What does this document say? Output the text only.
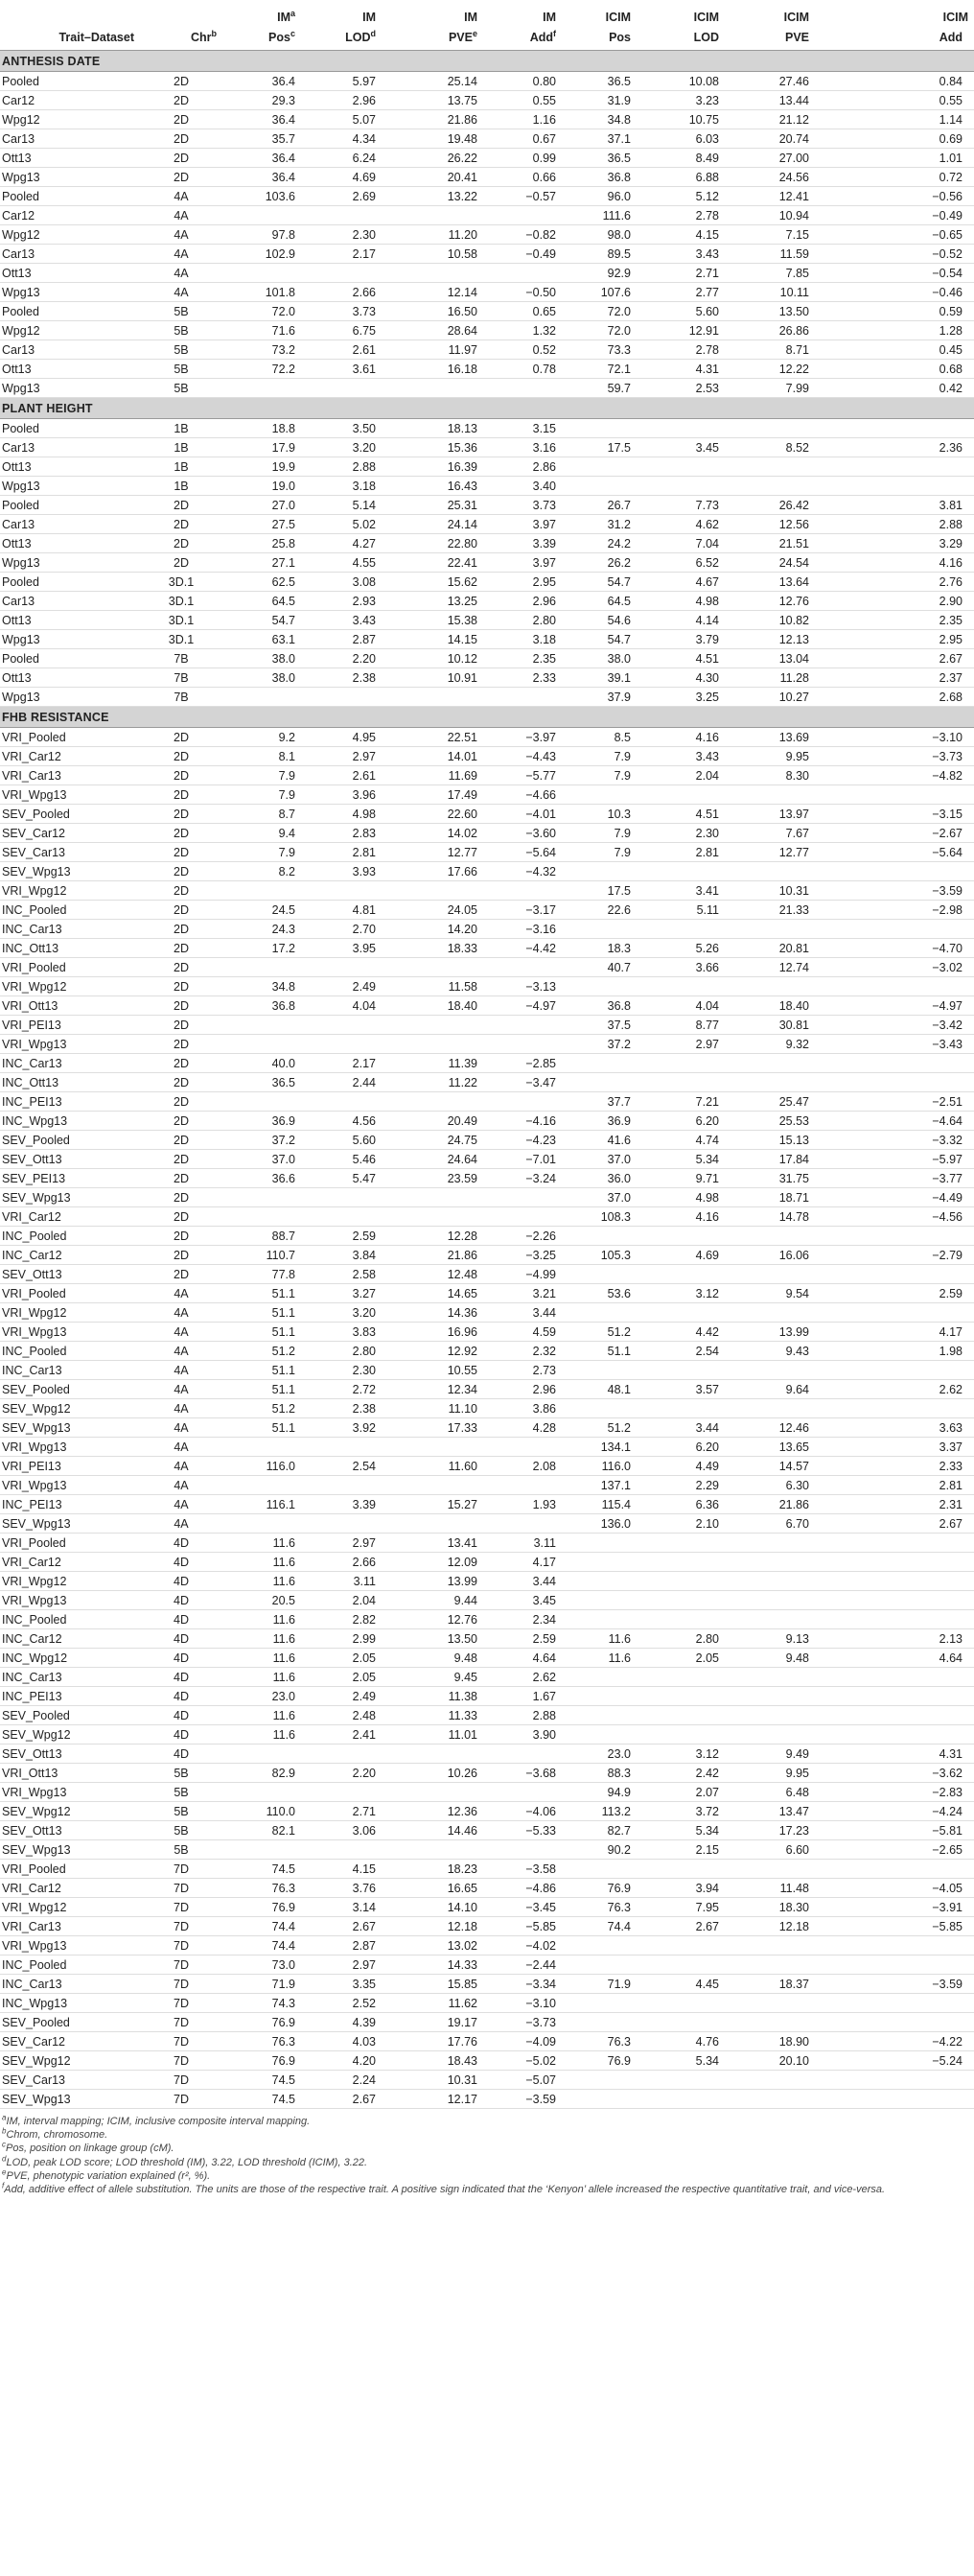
		$IM^a$	IM	IM	IM	ICIM	ICIM	ICIM	ICIM
Trait–Dataset	Chr$^b$	Pos$^c$	LOD$^d$	PVE$^e$	Add$^f$	Pos	LOD	PVE	Add
ANTHESIS DATE									
Pooled	2D	36.4	5.97	25.14	0.80	36.5	10.08	27.46	0.84
Car12	2D	29.3	2.96	13.75	0.55	31.9	3.23	13.44	0.55
Wpg12	2D	36.4	5.07	21.86	1.16	34.8	10.75	21.12	1.14
Car13	2D	35.7	4.34	19.48	0.67	37.1	6.03	20.74	0.69
Ott13	2D	36.4	6.24	26.22	0.99	36.5	8.49	27.00	1.01
Wpg13	2D	36.4	4.69	20.41	0.66	36.8	6.88	24.56	0.72
Pooled	4A	103.6	2.69	13.22	−0.57	96.0	5.12	12.41	−0.56
Car12	4A					111.6	2.78	10.94	−0.49
Wpg12	4A	97.8	2.30	11.20	−0.82	98.0	4.15	7.15	−0.65
Car13	4A	102.9	2.17	10.58	−0.49	89.5	3.43	11.59	−0.52
Ott13	4A					92.9	2.71	7.85	−0.54
Wpg13	4A	101.8	2.66	12.14	−0.50	107.6	2.77	10.11	−0.46
Pooled	5B	72.0	3.73	16.50	0.65	72.0	5.60	13.50	0.59
Wpg12	5B	71.6	6.75	28.64	1.32	72.0	12.91	26.86	1.28
Car13	5B	73.2	2.61	11.97	0.52	73.3	2.78	8.71	0.45
Ott13	5B	72.2	3.61	16.18	0.78	72.1	4.31	12.22	0.68
Wpg13	5B					59.7	2.53	7.99	0.42
PLANT HEIGHT									
Pooled	1B	18.8	3.50	18.13	3.15				
Car13	1B	17.9	3.20	15.36	3.16	17.5	3.45	8.52	2.36
Ott13	1B	19.9	2.88	16.39	2.86				
Wpg13	1B	19.0	3.18	16.43	3.40				
Pooled	2D	27.0	5.14	25.31	3.73	26.7	7.73	26.42	3.81
Car13	2D	27.5	5.02	24.14	3.97	31.2	4.62	12.56	2.88
Ott13	2D	25.8	4.27	22.80	3.39	24.2	7.04	21.51	3.29
Wpg13	2D	27.1	4.55	22.41	3.97	26.2	6.52	24.54	4.16
Pooled	3D.1	62.5	3.08	15.62	2.95	54.7	4.67	13.64	2.76
Car13	3D.1	64.5	2.93	13.25	2.96	64.5	4.98	12.76	2.90
Ott13	3D.1	54.7	3.43	15.38	2.80	54.6	4.14	10.82	2.35
Wpg13	3D.1	63.1	2.87	14.15	3.18	54.7	3.79	12.13	2.95
Pooled	7B	38.0	2.20	10.12	2.35	38.0	4.51	13.04	2.67
Ott13	7B	38.0	2.38	10.91	2.33	39.1	4.30	11.28	2.37
Wpg13	7B					37.9	3.25	10.27	2.68
FHB RESISTANCE									
VRI_Pooled	2D	9.2	4.95	22.51	−3.97	8.5	4.16	13.69	−3.10
VRI_Car12	2D	8.1	2.97	14.01	−4.43	7.9	3.43	9.95	−3.73
VRI_Car13	2D	7.9	2.61	11.69	−5.77	7.9	2.04	8.30	−4.82
VRI_Wpg13	2D	7.9	3.96	17.49	−4.66				
SEV_Pooled	2D	8.7	4.98	22.60	−4.01	10.3	4.51	13.97	−3.15
SEV_Car12	2D	9.4	2.83	14.02	−3.60	7.9	2.30	7.67	−2.67
SEV_Car13	2D	7.9	2.81	12.77	−5.64	7.9	2.81	12.77	−5.64
SEV_Wpg13	2D	8.2	3.93	17.66	−4.32				
VRI_Wpg12	2D					17.5	3.41	10.31	−3.59
INC_Pooled	2D	24.5	4.81	24.05	−3.17	22.6	5.11	21.33	−2.98
INC_Car13	2D	24.3	2.70	14.20	−3.16				
INC_Ott13	2D	17.2	3.95	18.33	−4.42	18.3	5.26	20.81	−4.70
VRI_Pooled	2D					40.7	3.66	12.74	−3.02
VRI_Wpg12	2D	34.8	2.49	11.58	−3.13				
VRI_Ott13	2D	36.8	4.04	18.40	−4.97	36.8	4.04	18.40	−4.97
VRI_PEI13	2D					37.5	8.77	30.81	−3.42
VRI_Wpg13	2D					37.2	2.97	9.32	−3.43
INC_Car13	2D	40.0	2.17	11.39	−2.85				
INC_Ott13	2D	36.5	2.44	11.22	−3.47				
INC_PEI13	2D					37.7	7.21	25.47	−2.51
INC_Wpg13	2D	36.9	4.56	20.49	−4.16	36.9	6.20	25.53	−4.64
SEV_Pooled	2D	37.2	5.60	24.75	−4.23	41.6	4.74	15.13	−3.32
SEV_Ott13	2D	37.0	5.46	24.64	−7.01	37.0	5.34	17.84	−5.97
SEV_PEI13	2D	36.6	5.47	23.59	−3.24	36.0	9.71	31.75	−3.77
SEV_Wpg13	2D					37.0	4.98	18.71	−4.49
VRI_Car12	2D					108.3	4.16	14.78	−4.56
INC_Pooled	2D	88.7	2.59	12.28	−2.26				
INC_Car12	2D	110.7	3.84	21.86	−3.25	105.3	4.69	16.06	−2.79
SEV_Ott13	2D	77.8	2.58	12.48	−4.99				
VRI_Pooled	4A	51.1	3.27	14.65	3.21	53.6	3.12	9.54	2.59
VRI_Wpg12	4A	51.1	3.20	14.36	3.44				
VRI_Wpg13	4A	51.1	3.83	16.96	4.59	51.2	4.42	13.99	4.17
INC_Pooled	4A	51.2	2.80	12.92	2.32	51.1	2.54	9.43	1.98
INC_Car13	4A	51.1	2.30	10.55	2.73				
SEV_Pooled	4A	51.1	2.72	12.34	2.96	48.1	3.57	9.64	2.62
SEV_Wpg12	4A	51.2	2.38	11.10	3.86				
SEV_Wpg13	4A	51.1	3.92	17.33	4.28	51.2	3.44	12.46	3.63
VRI_Wpg13	4A					134.1	6.20	13.65	3.37
VRI_PEI13	4A	116.0	2.54	11.60	2.08	116.0	4.49	14.57	2.33
VRI_Wpg13	4A					137.1	2.29	6.30	2.81
INC_PEI13	4A	116.1	3.39	15.27	1.93	115.4	6.36	21.86	2.31
SEV_Wpg13	4A					136.0	2.10	6.70	2.67
VRI_Pooled	4D	11.6	2.97	13.41	3.11				
VRI_Car12	4D	11.6	2.66	12.09	4.17				
VRI_Wpg12	4D	11.6	3.11	13.99	3.44				
VRI_Wpg13	4D	20.5	2.04	9.44	3.45				
INC_Pooled	4D	11.6	2.82	12.76	2.34				
INC_Car12	4D	11.6	2.99	13.50	2.59	11.6	2.80	9.13	2.13
INC_Wpg12	4D	11.6	2.05	9.48	4.64	11.6	2.05	9.48	4.64
INC_Car13	4D	11.6	2.05	9.45	2.62				
INC_PEI13	4D	23.0	2.49	11.38	1.67				
SEV_Pooled	4D	11.6	2.48	11.33	2.88				
SEV_Wpg12	4D	11.6	2.41	11.01	3.90				
SEV_Ott13	4D					23.0	3.12	9.49	4.31
VRI_Ott13	5B	82.9	2.20	10.26	−3.68	88.3	2.42	9.95	−3.62
VRI_Wpg13	5B					94.9	2.07	6.48	−2.83
SEV_Wpg12	5B	110.0	2.71	12.36	−4.06	113.2	3.72	13.47	−4.24
SEV_Ott13	5B	82.1	3.06	14.46	−5.33	82.7	5.34	17.23	−5.81
SEV_Wpg13	5B					90.2	2.15	6.60	−2.65
VRI_Pooled	7D	74.5	4.15	18.23	−3.58				
VRI_Car12	7D	76.3	3.76	16.65	−4.86	76.9	3.94	11.48	−4.05
VRI_Wpg12	7D	76.9	3.14	14.10	−3.45	76.3	7.95	18.30	−3.91
VRI_Car13	7D	74.4	2.67	12.18	−5.85	74.4	2.67	12.18	−5.85
VRI_Wpg13	7D	74.4	2.87	13.02	−4.02				
INC_Pooled	7D	73.0	2.97	14.33	−2.44				
INC_Car13	7D	71.9	3.35	15.85	−3.34	71.9	4.45	18.37	−3.59
INC_Wpg13	7D	74.3	2.52	11.62	−3.10				
SEV_Pooled	7D	76.9	4.39	19.17	−3.73				
SEV_Car12	7D	76.3	4.03	17.76	−4.09	76.3	4.76	18.90	−4.22
SEV_Wpg12	7D	76.9	4.20	18.43	−5.02	76.9	5.34	20.10	−5.24
SEV_Car13	7D	74.5	2.24	10.31	−5.07				
SEV_Wpg13	7D	74.5	2.67	12.17	−3.59				

$^a$IM, interval mapping; ICIM, inclusive composite interval mapping.

$^b$Chrom, chromosome.

$^c$Pos, position on linkage group (cM).

$^d$LOD, peak LOD score; LOD threshold (IM), 3.22, LOD threshold (ICIM), 3.22.

$^e$PVE, phenotypic variation explained (r², %).

$^f$Add, additive effect of allele substitution. The units are those of the respective trait. A positive sign indicated that the ‘Kenyon’ allele increased the respective quantitative trait, and vice-versa.
